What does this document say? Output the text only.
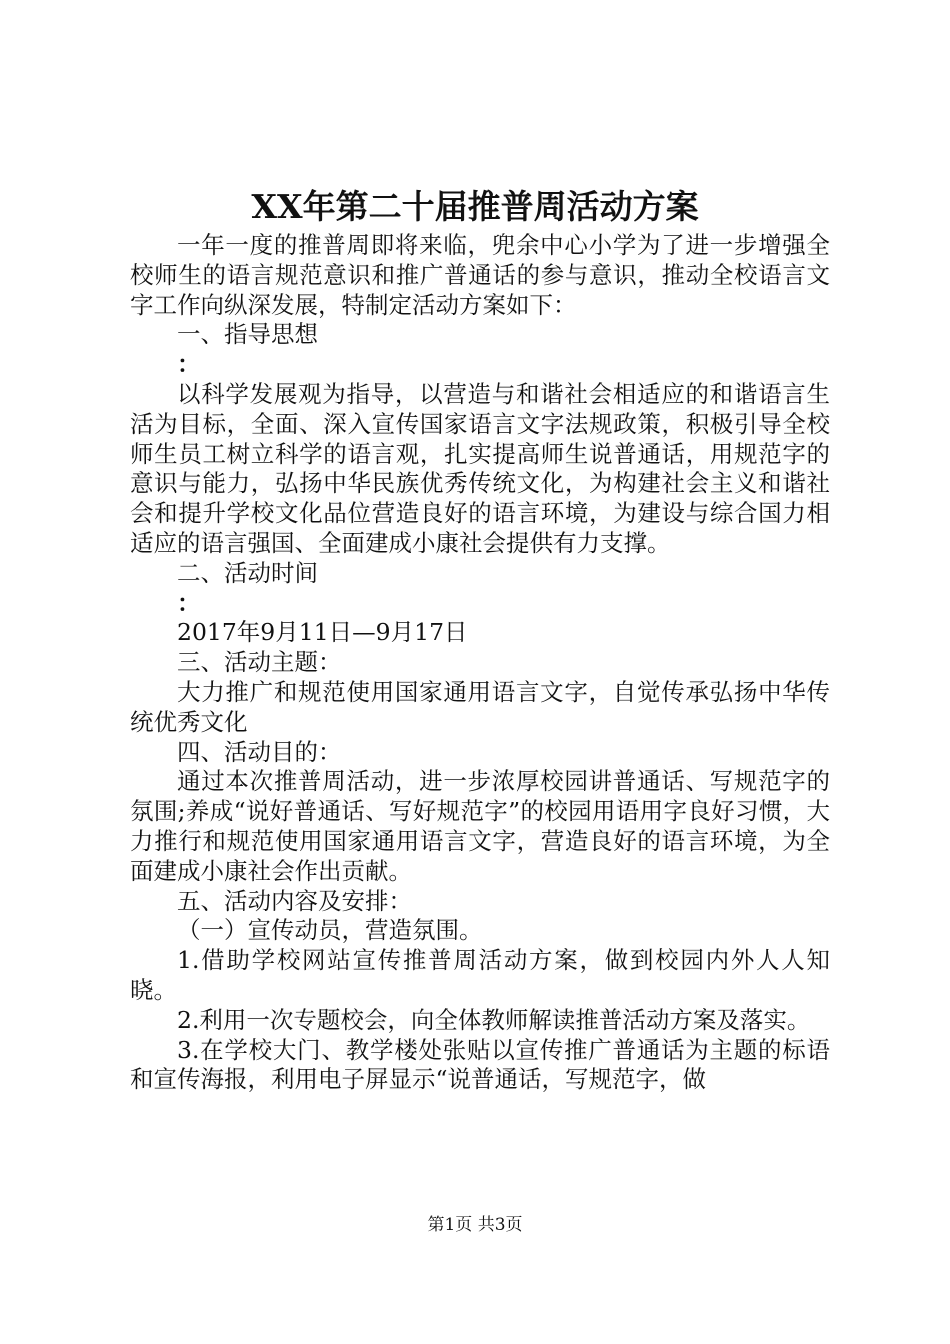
XX年第二十届推普周活动方案

一年一度的推普周即将来临，兜余中心小学为了进一步增强全校师生的语言规范意识和推广普通话的参与意识，推动全校语言文字工作向纵深发展，特制定活动方案如下：

一、指导思想

：

以科学发展观为指导，以营造与和谐社会相适应的和谐语言生活为目标，全面、深入宣传国家语言文字法规政策，积极引导全校师生员工树立科学的语言观，扎实提高师生说普通话，用规范字的意识与能力，弘扬中华民族优秀传统文化，为构建社会主义和谐社会和提升学校文化品位营造良好的语言环境，为建设与综合国力相适应的语言强国、全面建成小康社会提供有力支撑。

二、活动时间

：

2017年9月11日—9月17日

三、活动主题：

大力推广和规范使用国家通用语言文字，自觉传承弘扬中华传统优秀文化

四、活动目的：

通过本次推普周活动，进一步浓厚校园讲普通话、写规范字的氛围;养成“说好普通话、写好规范字”的校园用语用字良好习惯，大力推行和规范使用国家通用语言文字，营造良好的语言环境，为全面建成小康社会作出贡献。

五、活动内容及安排：

（一）宣传动员，营造氛围。

1.借助学校网站宣传推普周活动方案，做到校园内外人人知晓。

2.利用一次专题校会，向全体教师解读推普活动方案及落实。

3.在学校大门、教学楼处张贴以宣传推广普通话为主题的标语和宣传海报，利用电子屏显示“说普通话，写规范字，做

第1页 共3页
